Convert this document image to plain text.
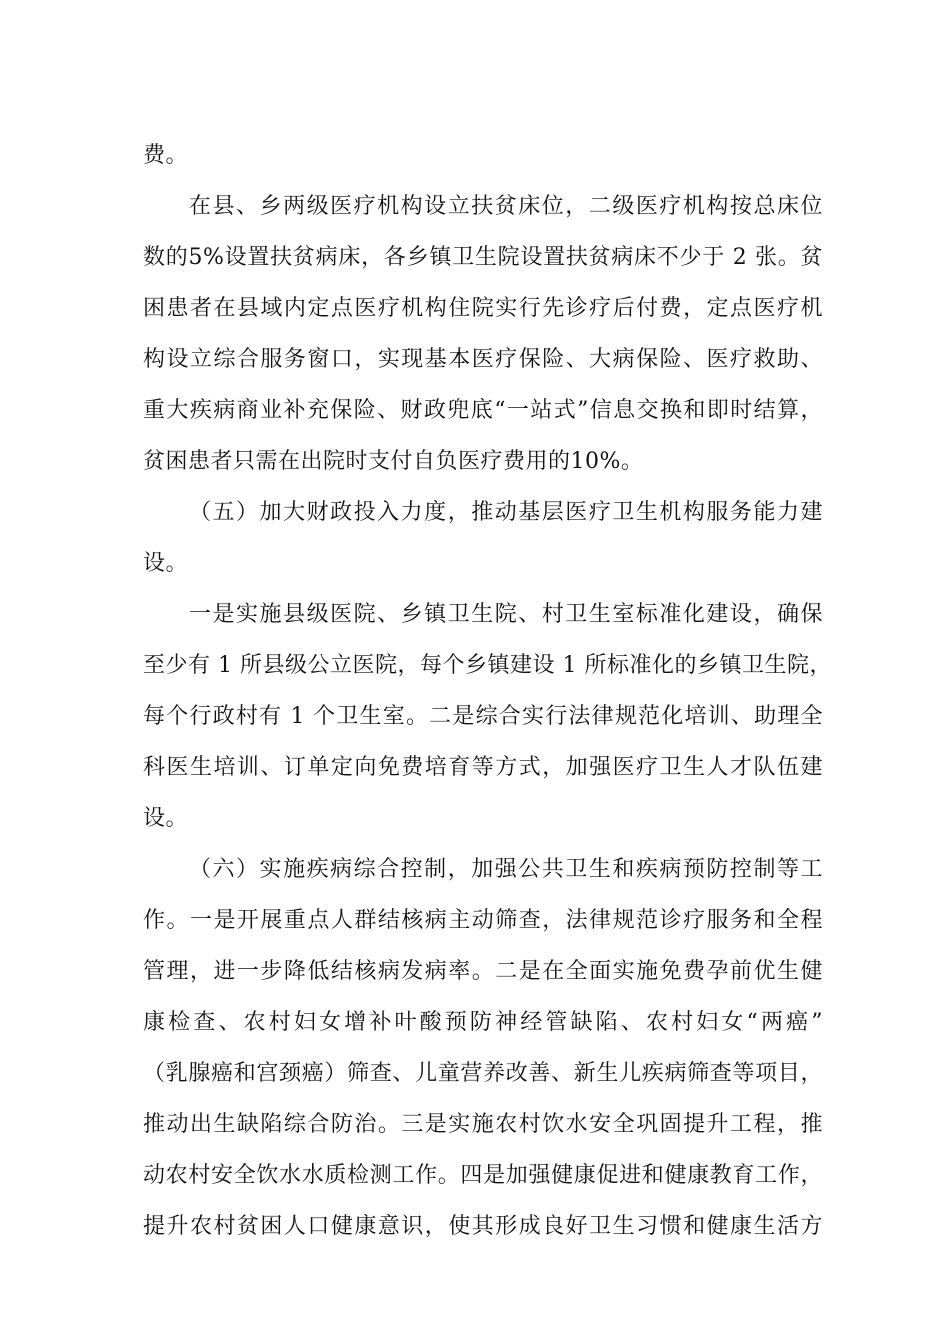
费。
在县、乡两级医疗机构设立扶贫床位，二级医疗机构按总床位
数的5%设置扶贫病床，各乡镇卫生院设置扶贫病床不少于 2 张。贫
困患者在县域内定点医疗机构住院实行先诊疗后付费，定点医疗机
构设立综合服务窗口，实现基本医疗保险、大病保险、医疗救助、
重大疾病商业补充保险、财政兜底“一站式”信息交换和即时结算，
贫困患者只需在出院时支付自负医疗费用的10%。
（五）加大财政投入力度，推动基层医疗卫生机构服务能力建
设。
一是实施县级医院、乡镇卫生院、村卫生室标准化建设，确保
至少有 1 所县级公立医院，每个乡镇建设 1 所标准化的乡镇卫生院，
每个行政村有 1 个卫生室。二是综合实行法律规范化培训、助理全
科医生培训、订单定向免费培育等方式，加强医疗卫生人才队伍建
设。
（六）实施疾病综合控制，加强公共卫生和疾病预防控制等工
作。一是开展重点人群结核病主动筛查，法律规范诊疗服务和全程
管理，进一步降低结核病发病率。二是在全面实施免费孕前优生健
康检查、农村妇女增补叶酸预防神经管缺陷、农村妇女“两癌”
（乳腺癌和宫颈癌）筛查、儿童营养改善、新生儿疾病筛查等项目，
推动出生缺陷综合防治。三是实施农村饮水安全巩固提升工程，推
动农村安全饮水水质检测工作。四是加强健康促进和健康教育工作，
提升农村贫困人口健康意识，使其形成良好卫生习惯和健康生活方
